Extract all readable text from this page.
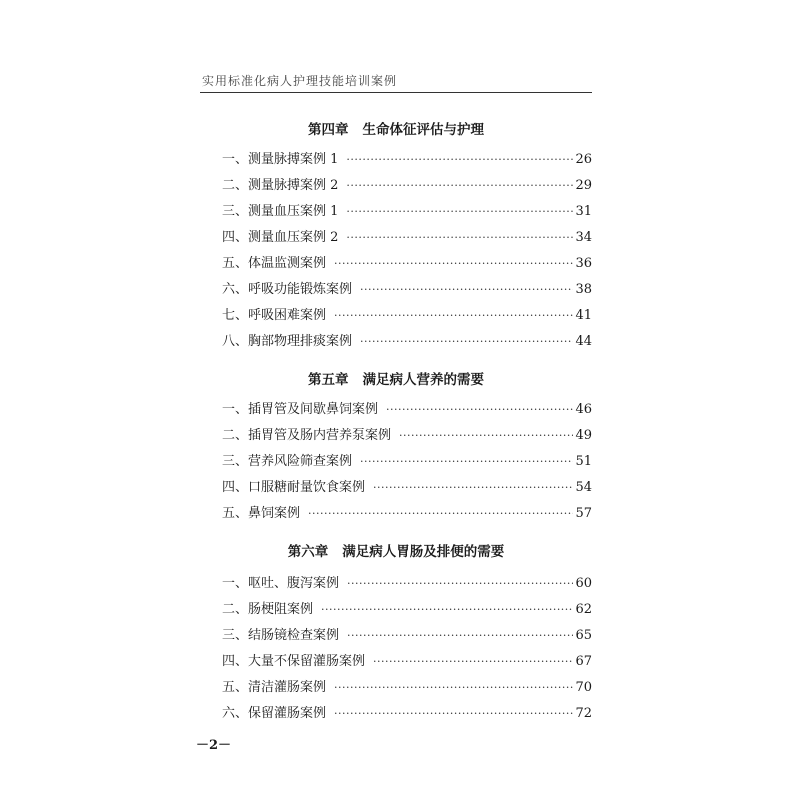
实用标准化病人护理技能培训案例
第四章 生命体征评估与护理
一、测量脉搏案例 1 ·····	26
二、测量脉搏案例 2 ·····	29
三、测量血压案例 1 ·····	31
四、测量血压案例 2 ·····	34
五、体温监测案例 ·····	36
六、呼吸功能锻炼案例 ·····	38
七、呼吸困难案例 ·····	41
八、胸部物理排痰案例 ·····	44
第五章 满足病人营养的需要
一、插胃管及间歇鼻饲案例 ·····	46
二、插胃管及肠内营养泵案例 ·····	49
三、营养风险筛查案例 ·····	51
四、口服糖耐量饮食案例 ·····	54
五、鼻饲案例 ·····	57
第六章 满足病人胃肠及排便的需要
一、呕吐、腹泻案例 ·····	60
二、肠梗阻案例 ·····	62
三、结肠镜检查案例 ·····	65
四、大量不保留灌肠案例 ·····	67
五、清洁灌肠案例 ·····	70
六、保留灌肠案例 ·····	72
－2－
